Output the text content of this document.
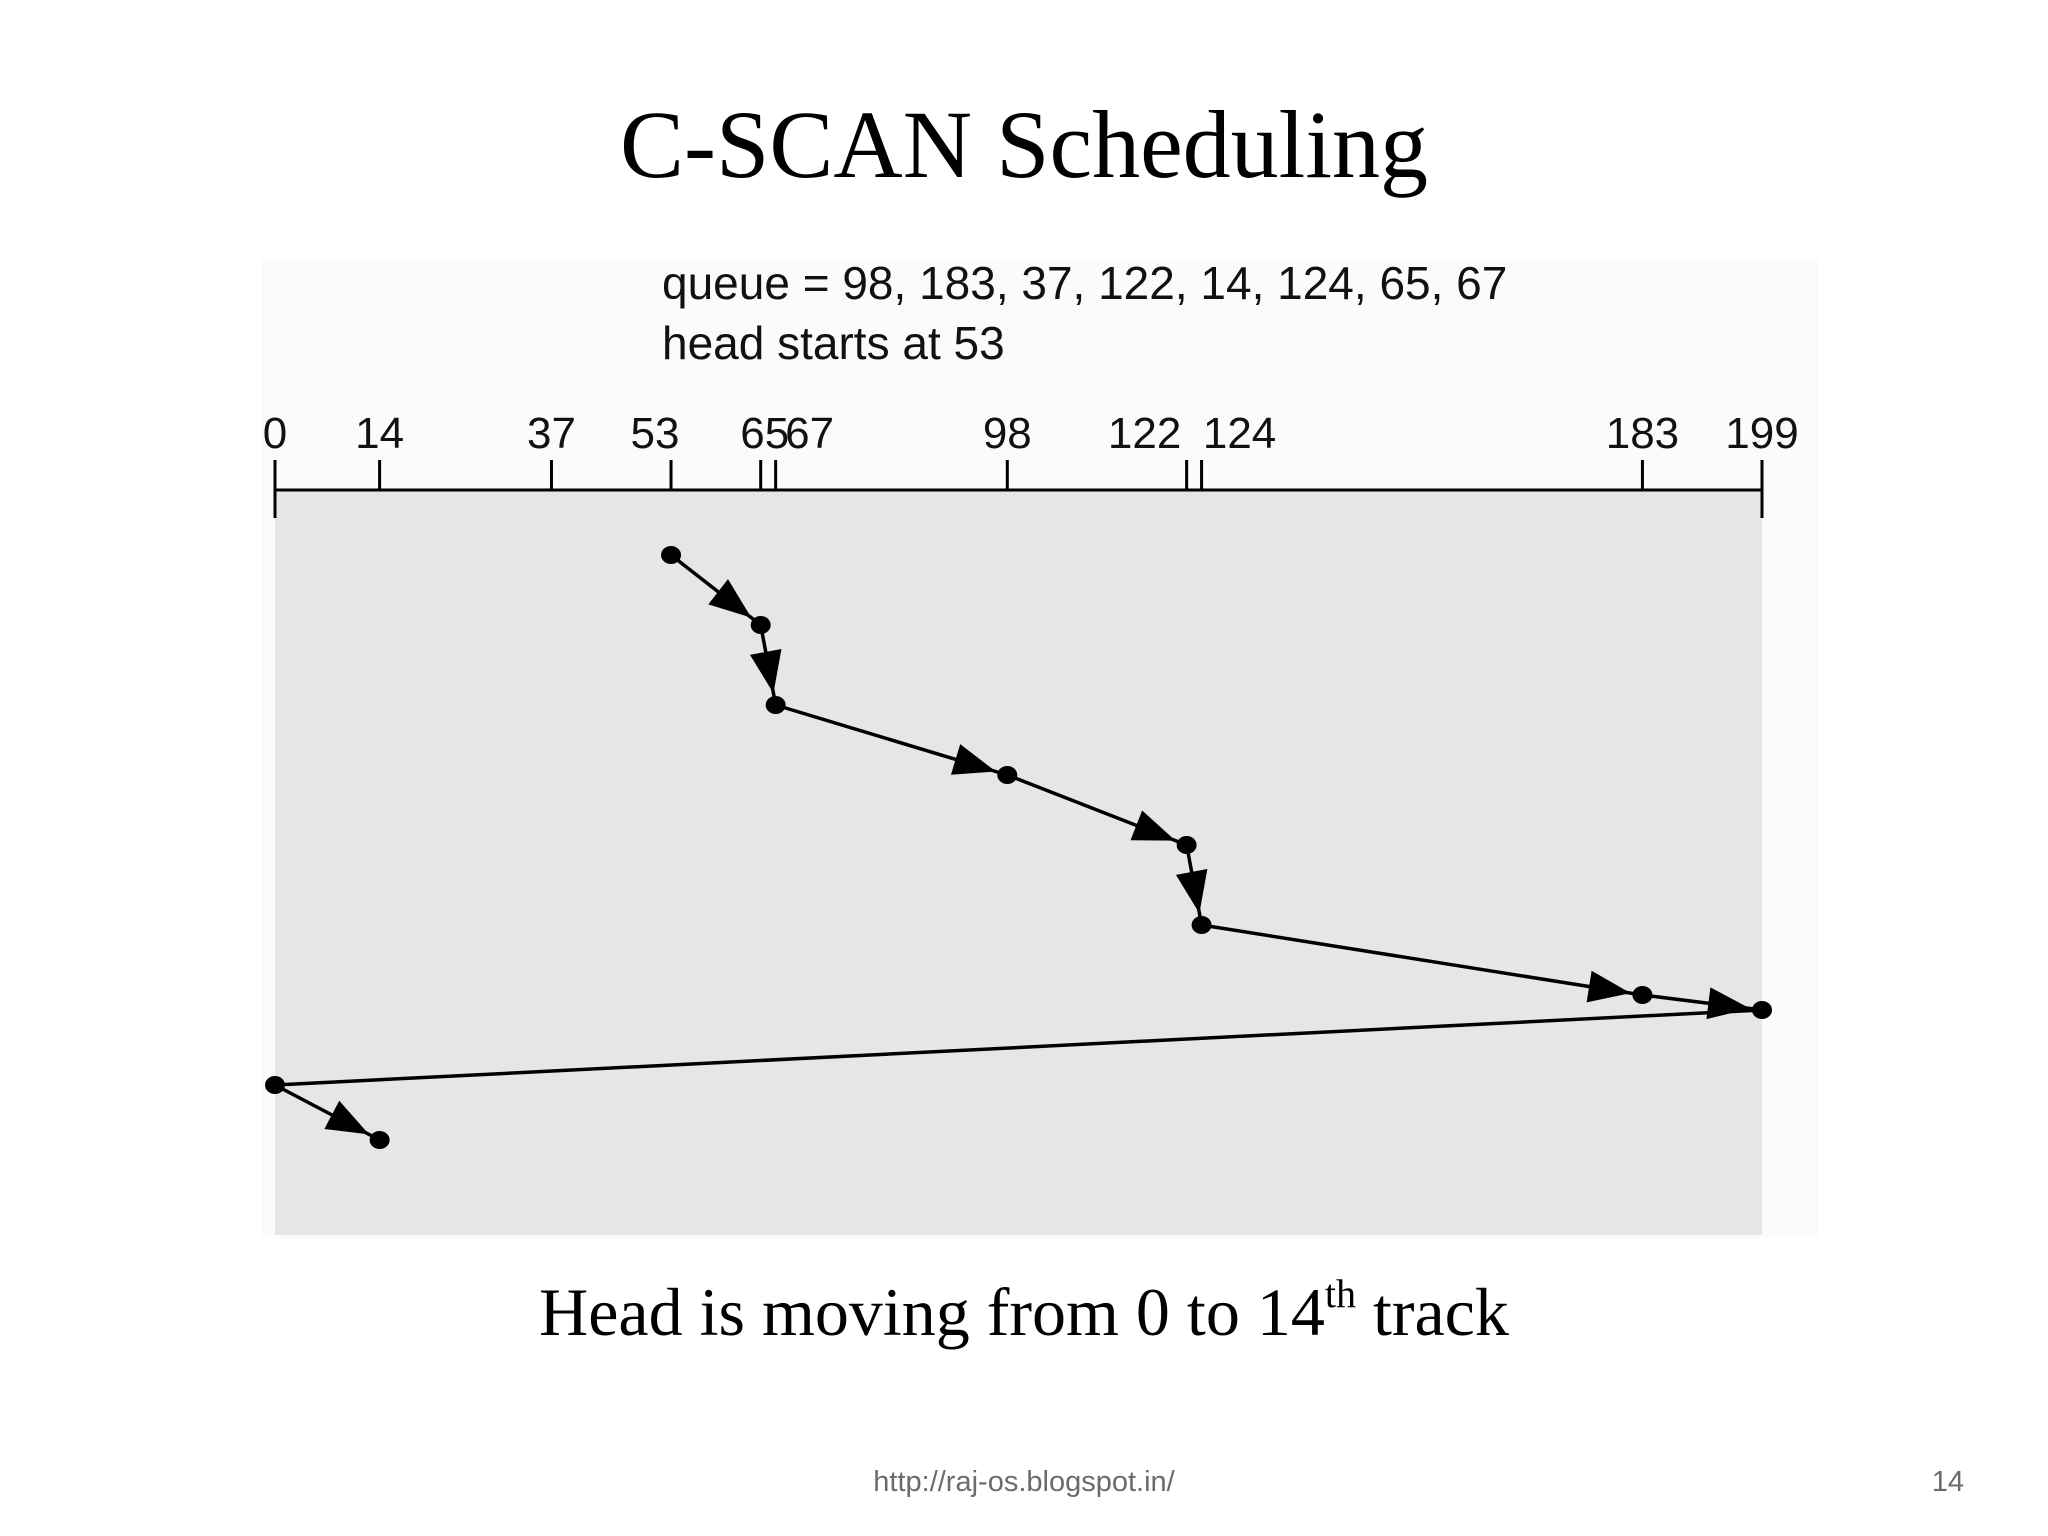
C-SCAN Scheduling
queue = 98, 183, 37, 122, 14, 124, 65, 67
head starts at 53
0 14	37 53 65
67	98 122 124	183 199
Head is moving from 0 to 14th track
http://raj-os.blogspot.in/	14
